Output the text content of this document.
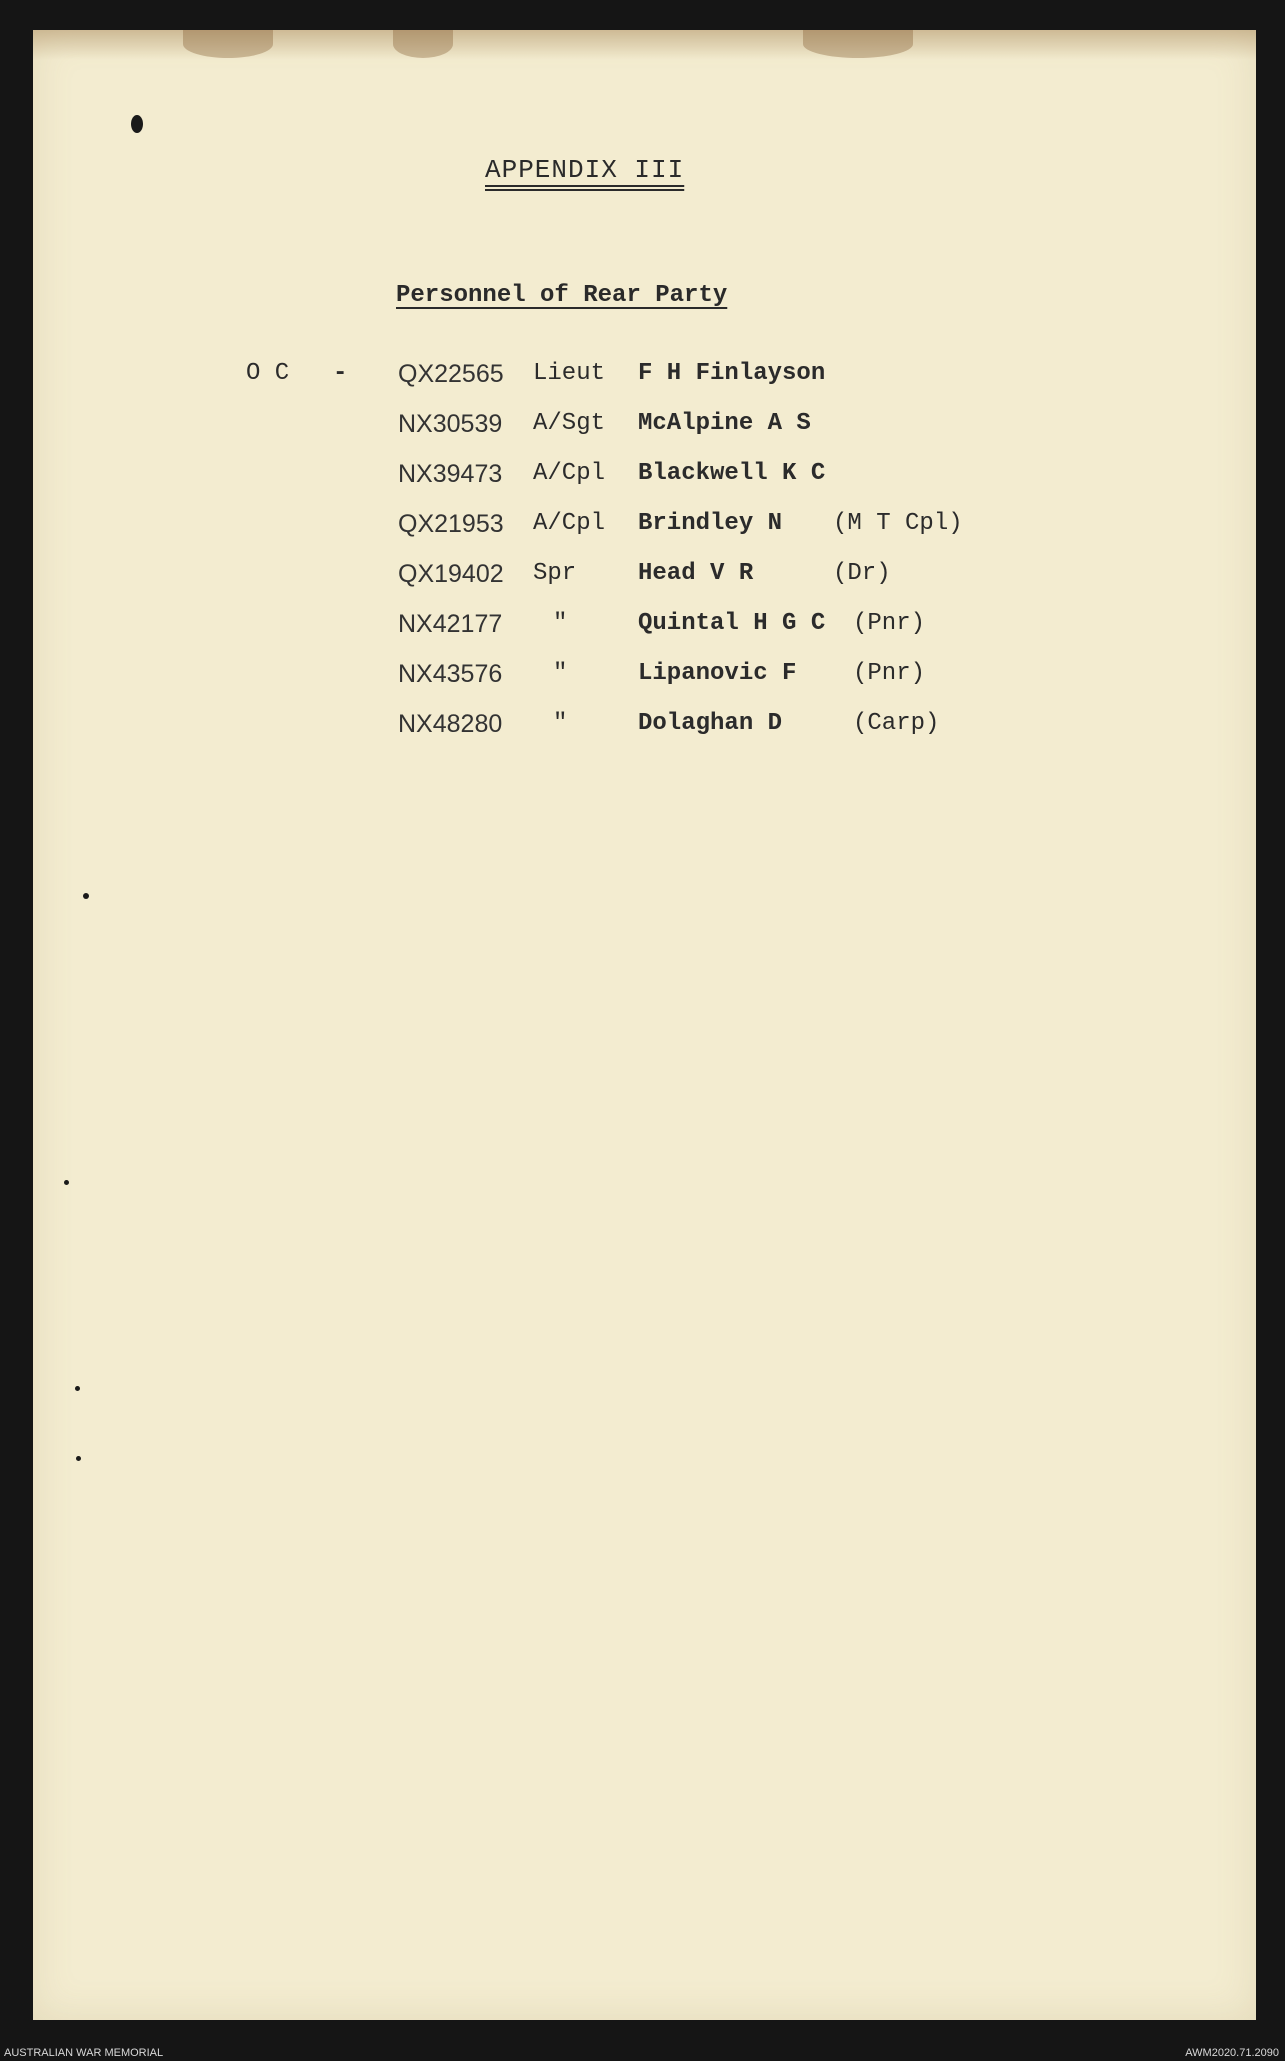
APPENDIX III
Personnel of Rear Party
O C - QX22565 Lieut F H Finlayson
NX30539 A/Sgt McAlpine A S
NX39473 A/Cpl Blackwell K C
QX21953 A/Cpl Brindley N (M T Cpl)
QX19402 Spr	Head V R	(Dr)
NX42177 "	Quintal H G C (Pnr)
NX43576 "	Lipanovic F (Pnr)
NX48280 "	Dolaghan D	(Carp)
AUSTRALIAN WAR MEMORIAL	AWM2020.71.2090
